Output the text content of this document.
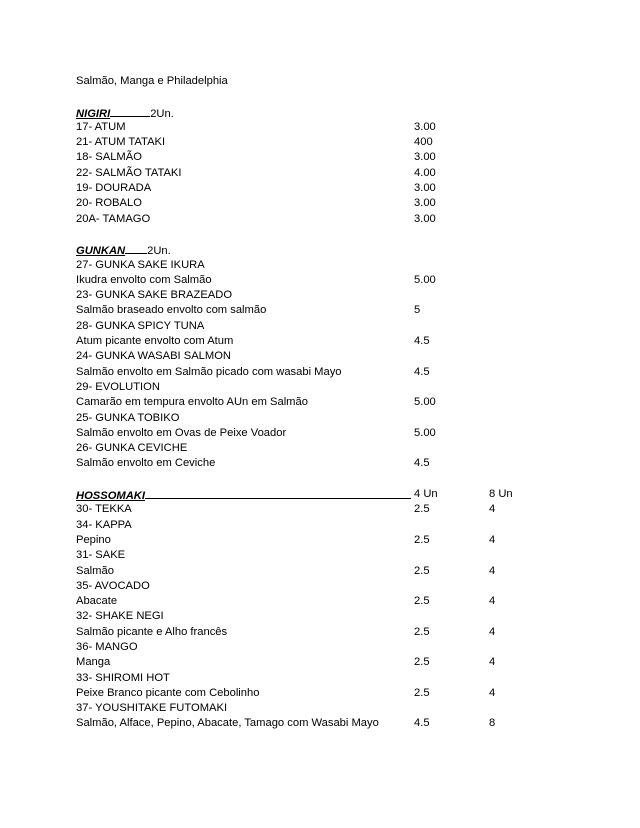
Salmão, Manga e Philadelphia
NIGIRI	2Un.
17- ATUM	3.00
21- ATUM TATAKI	400
18- SALMÃO	3.00
22- SALMÃO TATAKI	4.00
19- DOURADA	3.00
20- ROBALO	3.00
20A- TAMAGO	3.00
GUNKAN 2Un.
27- GUNKA SAKE IKURA
Ikudra envolto com Salmão	5.00
23- GUNKA SAKE BRAZEADO
Salmão braseado envolto com salmão	5
28- GUNKA SPICY TUNA
Atum picante envolto com Atum	4.5
24- GUNKA WASABI SALMON
Salmão envolto em Salmão picado com wasabi Mayo	4.5
29- EVOLUTION
Camarão em tempura envolto AUn em Salmão	5.00
25- GUNKA TOBIKO
Salmão envolto em Ovas de Peixe Voador	5.00
26- GUNKA CEVICHE
Salmão envolto em Ceviche	4.5
HOSSOMAKI	4 Un	8 Un
30- TEKKA	2.5	4
34- KAPPA
Pepino	2.5	4
31- SAKE
Salmão	2.5	4
35- AVOCADO
Abacate	2.5	4
32- SHAKE NEGI
Salmão picante e Alho francês	2.5	4
36- MANGO
Manga	2.5	4
33- SHIROMI HOT
Peixe Branco picante com Cebolinho	2.5	4
37- YOUSHITAKE FUTOMAKI
Salmão, Alface, Pepino, Abacate, Tamago com Wasabi Mayo	4.5	8
